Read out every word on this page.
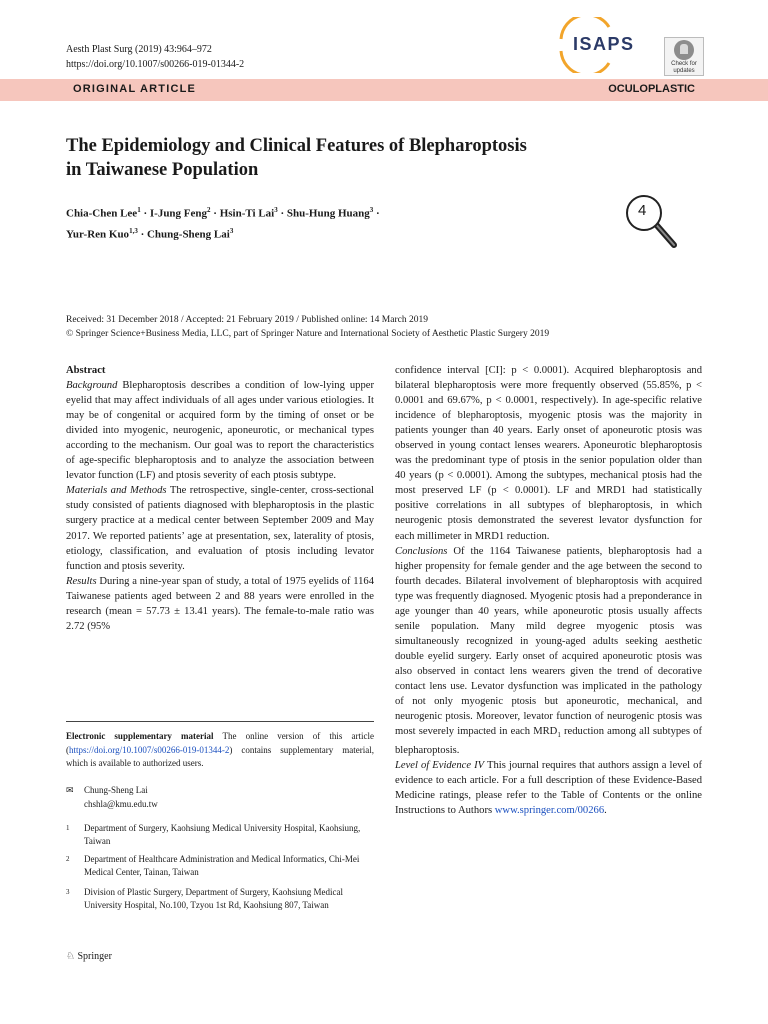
Aesth Plast Surg (2019) 43:964–972
https://doi.org/10.1007/s00266-019-01344-2
ISAPS
Check for
updates
ORIGINAL ARTICLE	OCULOPLASTIC
The Epidemiology and Clinical Features of Blepharoptosis
in Taiwanese Population
Chia-Chen Lee$^1$ · I-Jung Feng$^2$ · Hsin-Ti Lai$^3$ · Shu-Hung Huang$^3$ ·
Yur-Ren Kuo$^{1,3}$ · Chung-Sheng Lai$^3$
4
Received: 31 December 2018 / Accepted: 21 February 2019 / Published online: 14 March 2019
© Springer Science+Business Media, LLC, part of Springer Nature and International Society of Aesthetic Plastic Surgery 2019

Abstract

Background Blepharoptosis describes a condition of low-lying upper eyelid that may affect individuals of all ages under various etiologies. It may be of congenital or acquired form by the timing of onset or be divided into myogenic, neurogenic, aponeurotic, or mechanical types according to the mechanism. Our goal was to report the characteristics of age-specific blepharoptosis and to analyze the association between levator function (LF) and ptosis severity of each ptosis subtype.

Materials and Methods The retrospective, single-center, cross-sectional study consisted of patients diagnosed with blepharoptosis in the plastic surgery practice at a medical center between September 2009 and May 2017. We reported patients’ age at presentation, sex, laterality of ptosis, etiology, classification, and evaluation of ptosis including levator function and ptosis severity.

Results During a nine-year span of study, a total of 1975 eyelids of 1164 Taiwanese patients aged between 2 and 88 years were enrolled in the research (mean = 57.73 ± 13.41 years). The female-to-male ratio was 2.72 (95%

Electronic supplementary material The online version of this article (https://doi.org/10.1007/s00266-019-01344-2) contains supplementary material, which is available to authorized users.
✉ Chung-Sheng Lai
chshla@kmu.edu.tw
1 Department of Surgery, Kaohsiung Medical University Hospital, Kaohsiung, Taiwan
2 Department of Healthcare Administration and Medical Informatics, Chi-Mei Medical Center, Tainan, Taiwan
3 Division of Plastic Surgery, Department of Surgery, Kaohsiung Medical University Hospital, No.100, Tzyou 1st Rd, Kaohsiung 807, Taiwan
♘ Springer

confidence interval [CI]: p < 0.0001). Acquired blepharoptosis and bilateral blepharoptosis were more frequently observed (55.85%, p < 0.0001 and 69.67%, p < 0.0001, respectively). In age-specific relative incidence of blepharoptosis, myogenic ptosis was the majority in patients younger than 40 years. Early onset of aponeurotic ptosis was observed in young contact lenses wearers. Aponeurotic blepharoptosis was the predominant type of ptosis in the senior population older than 40 years (p < 0.0001). Among the subtypes, mechanical ptosis had the most preserved LF (p < 0.0001). LF and MRD1 had statistically positive correlations in all subtypes of blepharoptosis, in which neurogenic ptosis demonstrated the severest levator dysfunction for each millimeter in MRD1 reduction.

Conclusions Of the 1164 Taiwanese patients, blepharoptosis had a higher propensity for female gender and the age between the second to fourth decades. Bilateral involvement of blepharoptosis with acquired type was frequently diagnosed. Myogenic ptosis had a preponderance in age younger than 40 years, while aponeurotic ptosis usually affects senile population. Many mild degree myogenic ptosis was simultaneously recognized in young-aged adults seeking aesthetic double eyelid surgery. Early onset of acquired aponeurotic ptosis was also observed in contact lens wearers given the trend of decorative contact lens use. Levator dysfunction was implicated in the pathology of not only myogenic ptosis but aponeurotic, mechanical, and neurogenic ptosis. Moreover, levator function of neurogenic ptosis was most severely impacted in each $MRD_1$ reduction among all subtypes of blepharoptosis.

Level of Evidence IV This journal requires that authors assign a level of evidence to each article. For a full description of these Evidence-Based Medicine ratings, please refer to the Table of Contents or the online Instructions to Authors www.springer.com/00266.
